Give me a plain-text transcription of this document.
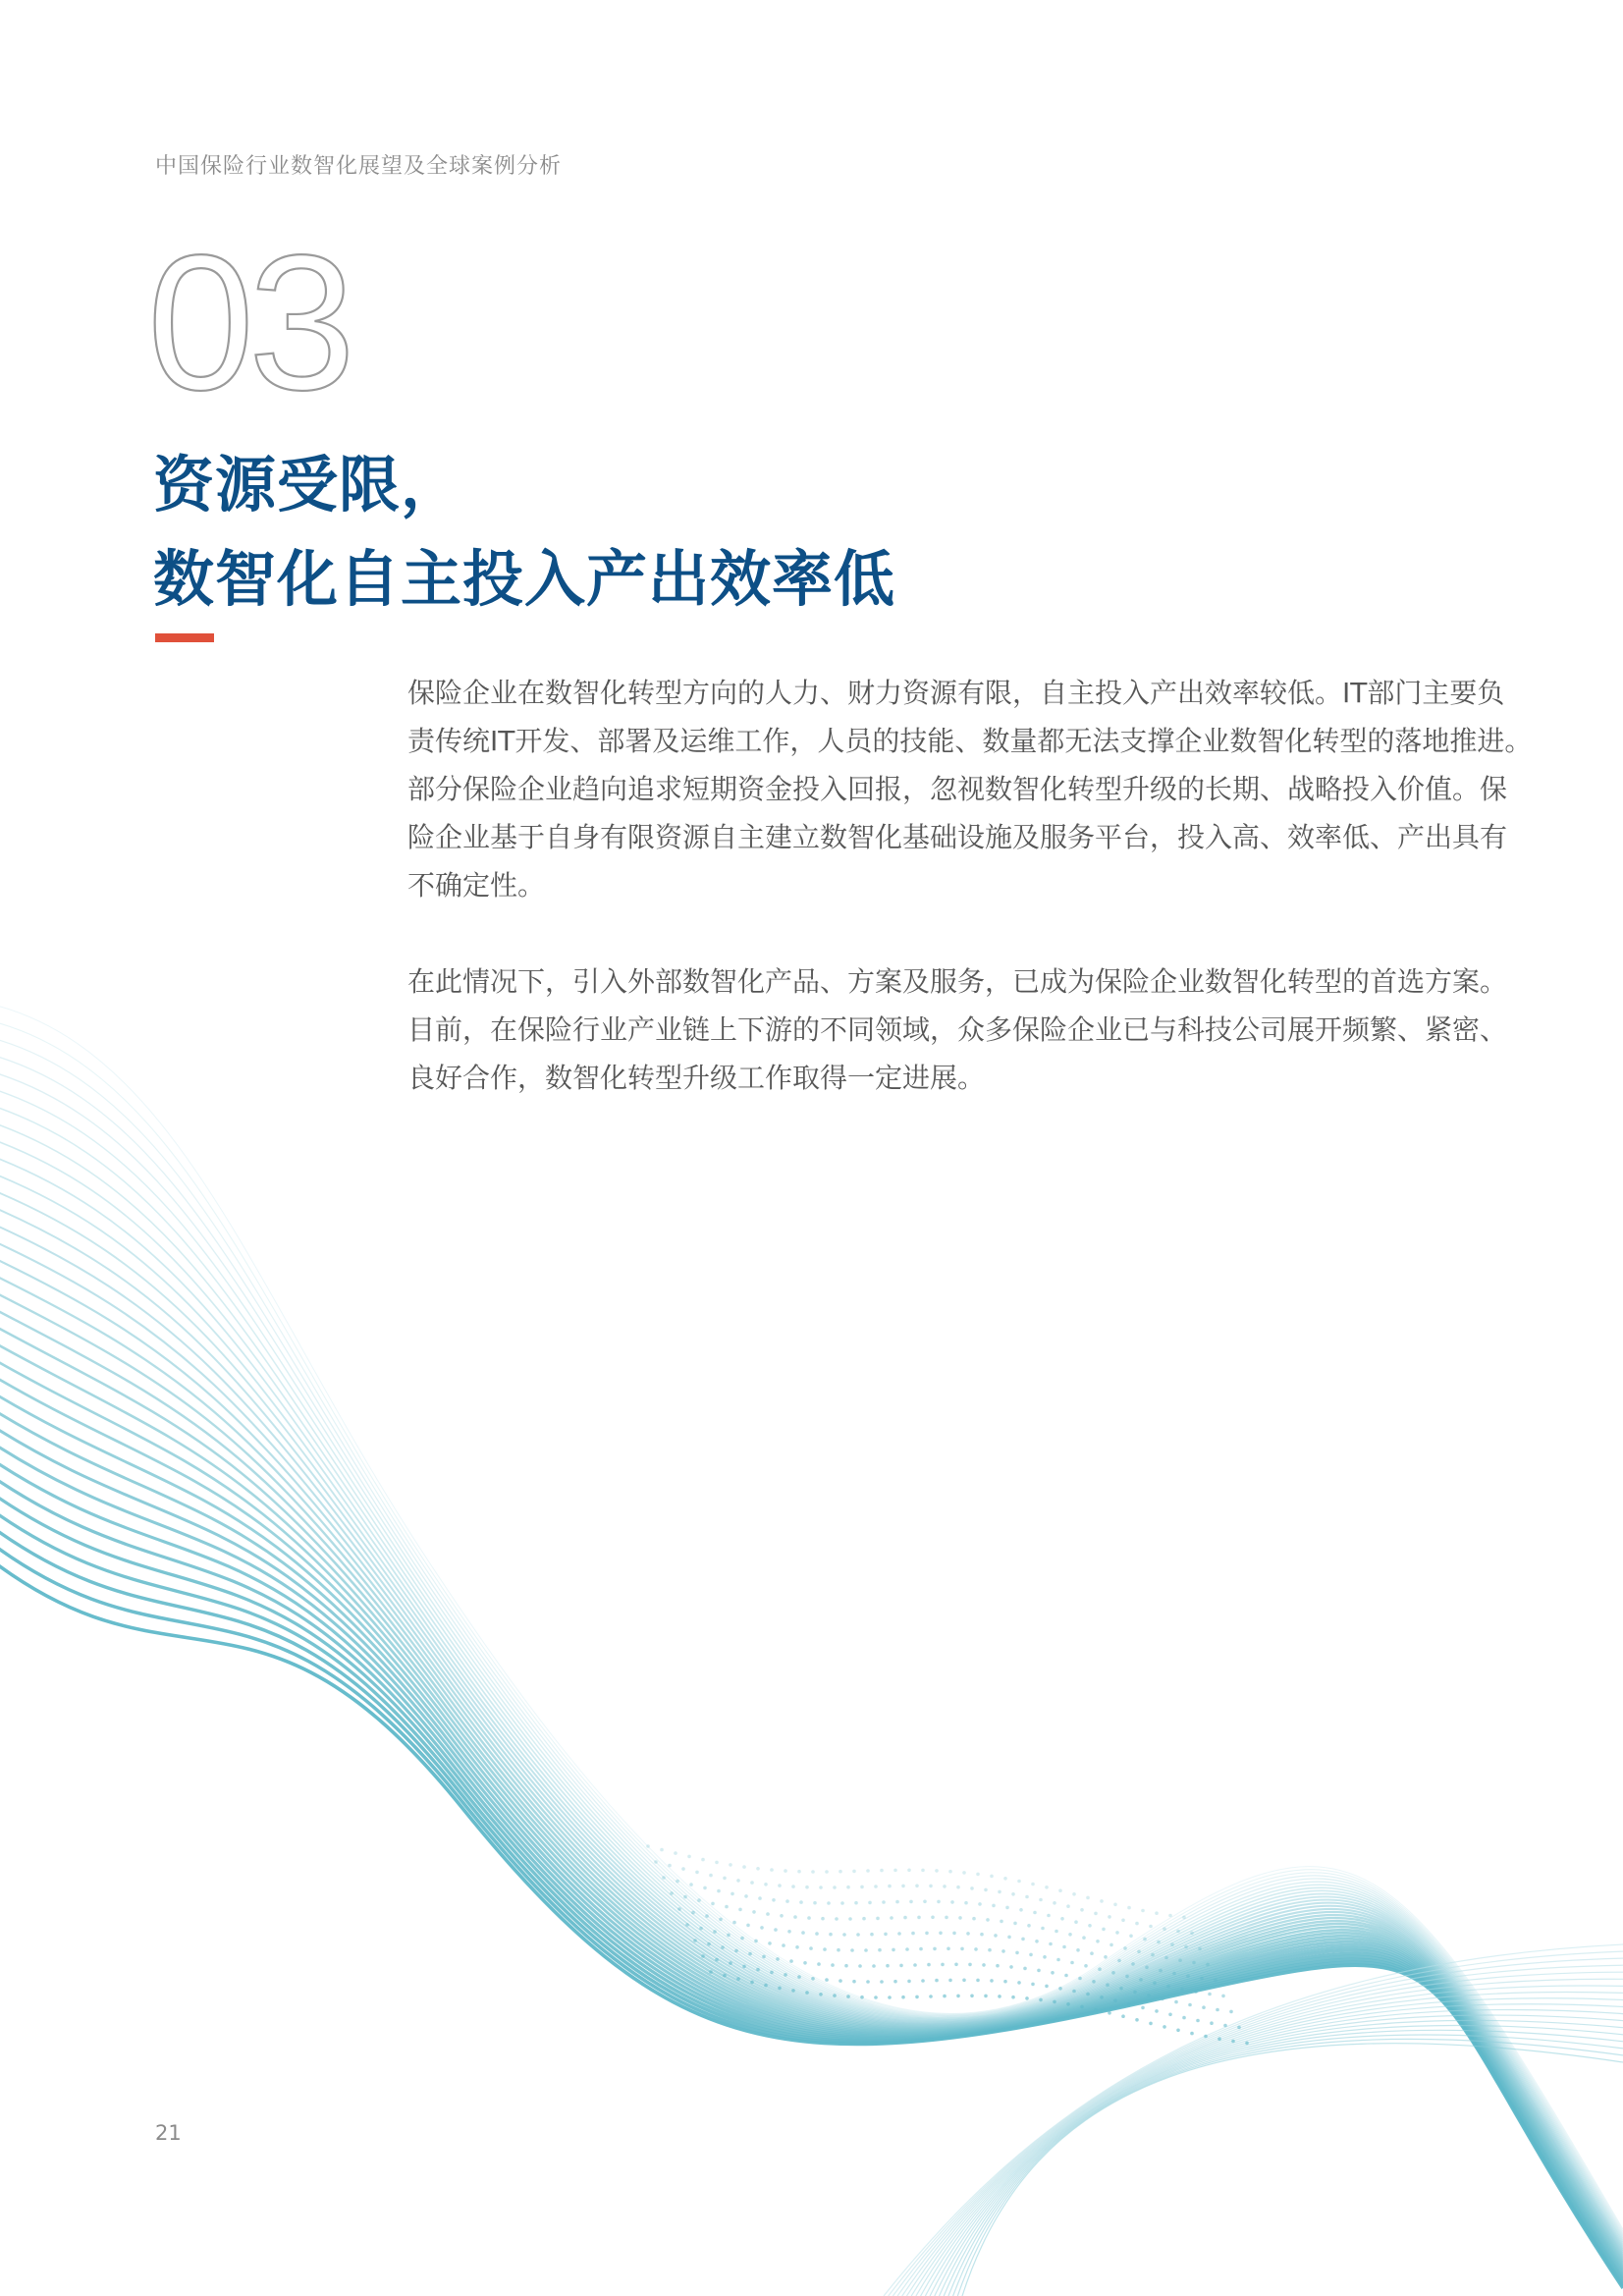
中国保险行业数智化展望及全球案例分析
03
资源受限，
数智化自主投入产出效率低

保险企业在数智化转型方向的人力、财力资源有限，自主投入产出效率较低。IT部门主要负
责传统IT开发、部署及运维工作，人员的技能、数量都无法支撑企业数智化转型的落地推进。
部分保险企业趋向追求短期资金投入回报，忽视数智化转型升级的长期、战略投入价值。保
险企业基于自身有限资源自主建立数智化基础设施及服务平台，投入高、效率低、产出具有
不确定性。

在此情况下，引入外部数智化产品、方案及服务，已成为保险企业数智化转型的首选方案。
目前，在保险行业产业链上下游的不同领域，众多保险企业已与科技公司展开频繁、紧密、
良好合作，数智化转型升级工作取得一定进展。

21
